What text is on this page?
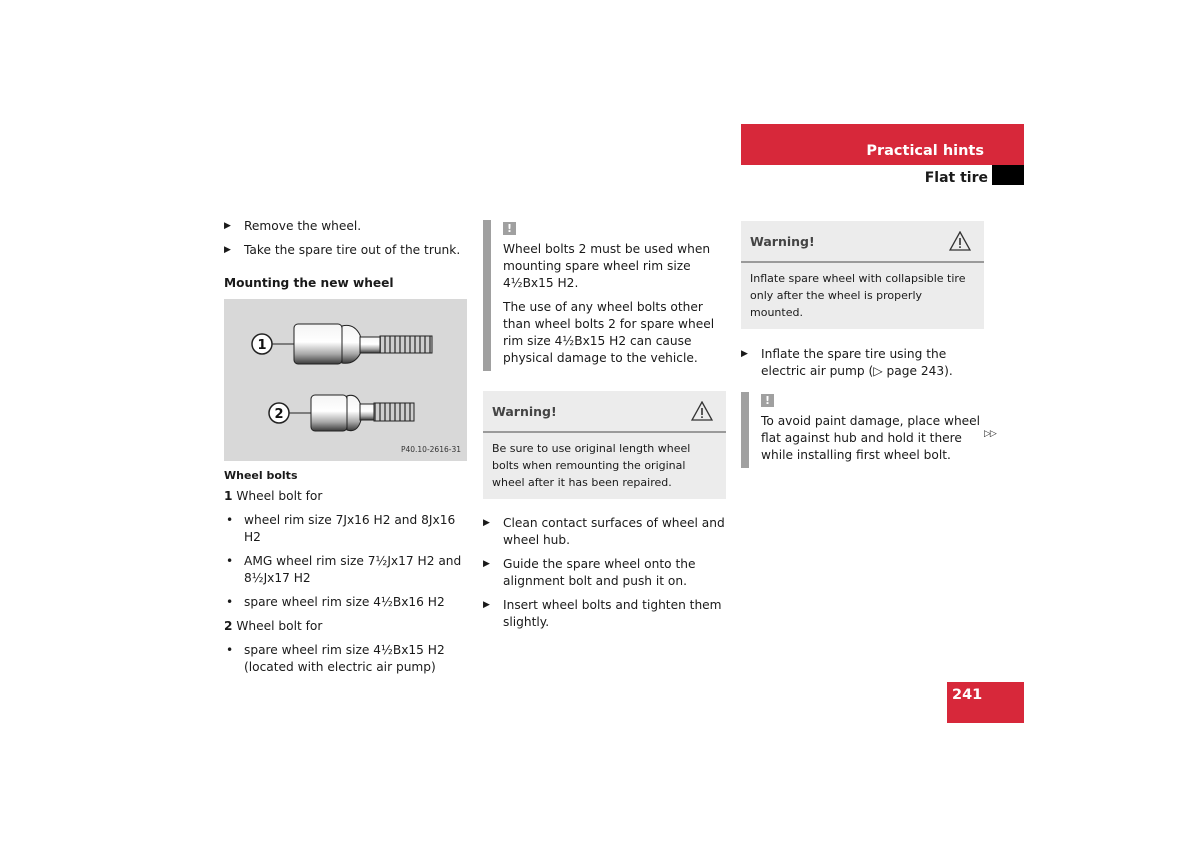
Practical hints
Flat tire
▶ Remove the wheel.
▶ Take the spare tire out of the trunk.
Mounting the new wheel
1
2
P40.10-2616-31
Wheel bolts
1 Wheel bolt for
• wheel rim size 7Jx16 H2 and 8Jx16 H2
• AMG wheel rim size 7½Jx17 H2 and 8½Jx17 H2
• spare wheel rim size 4½Bx16 H2
2 Wheel bolt for
• spare wheel rim size 4½Bx15 H2 (located with electric air pump)
!
Wheel bolts 2 must be used when mounting spare wheel rim size 4½Bx15 H2.
The use of any wheel bolts other than wheel bolts 2 for spare wheel rim size 4½Bx15 H2 can cause physical damage to the vehicle.
Warning!
Be sure to use original length wheel bolts when remounting the original wheel after it has been repaired.
▶ Clean contact surfaces of wheel and wheel hub.
▶ Guide the spare wheel onto the alignment bolt and push it on.
▶ Insert wheel bolts and tighten them slightly.
Warning!
Inflate spare wheel with collapsible tire only after the wheel is properly mounted.
▶ Inflate the spare tire using the electric air pump (▷ page 243).
!
To avoid paint damage, place wheel flat against hub and hold it there while installing first wheel bolt.
▷▷
241
